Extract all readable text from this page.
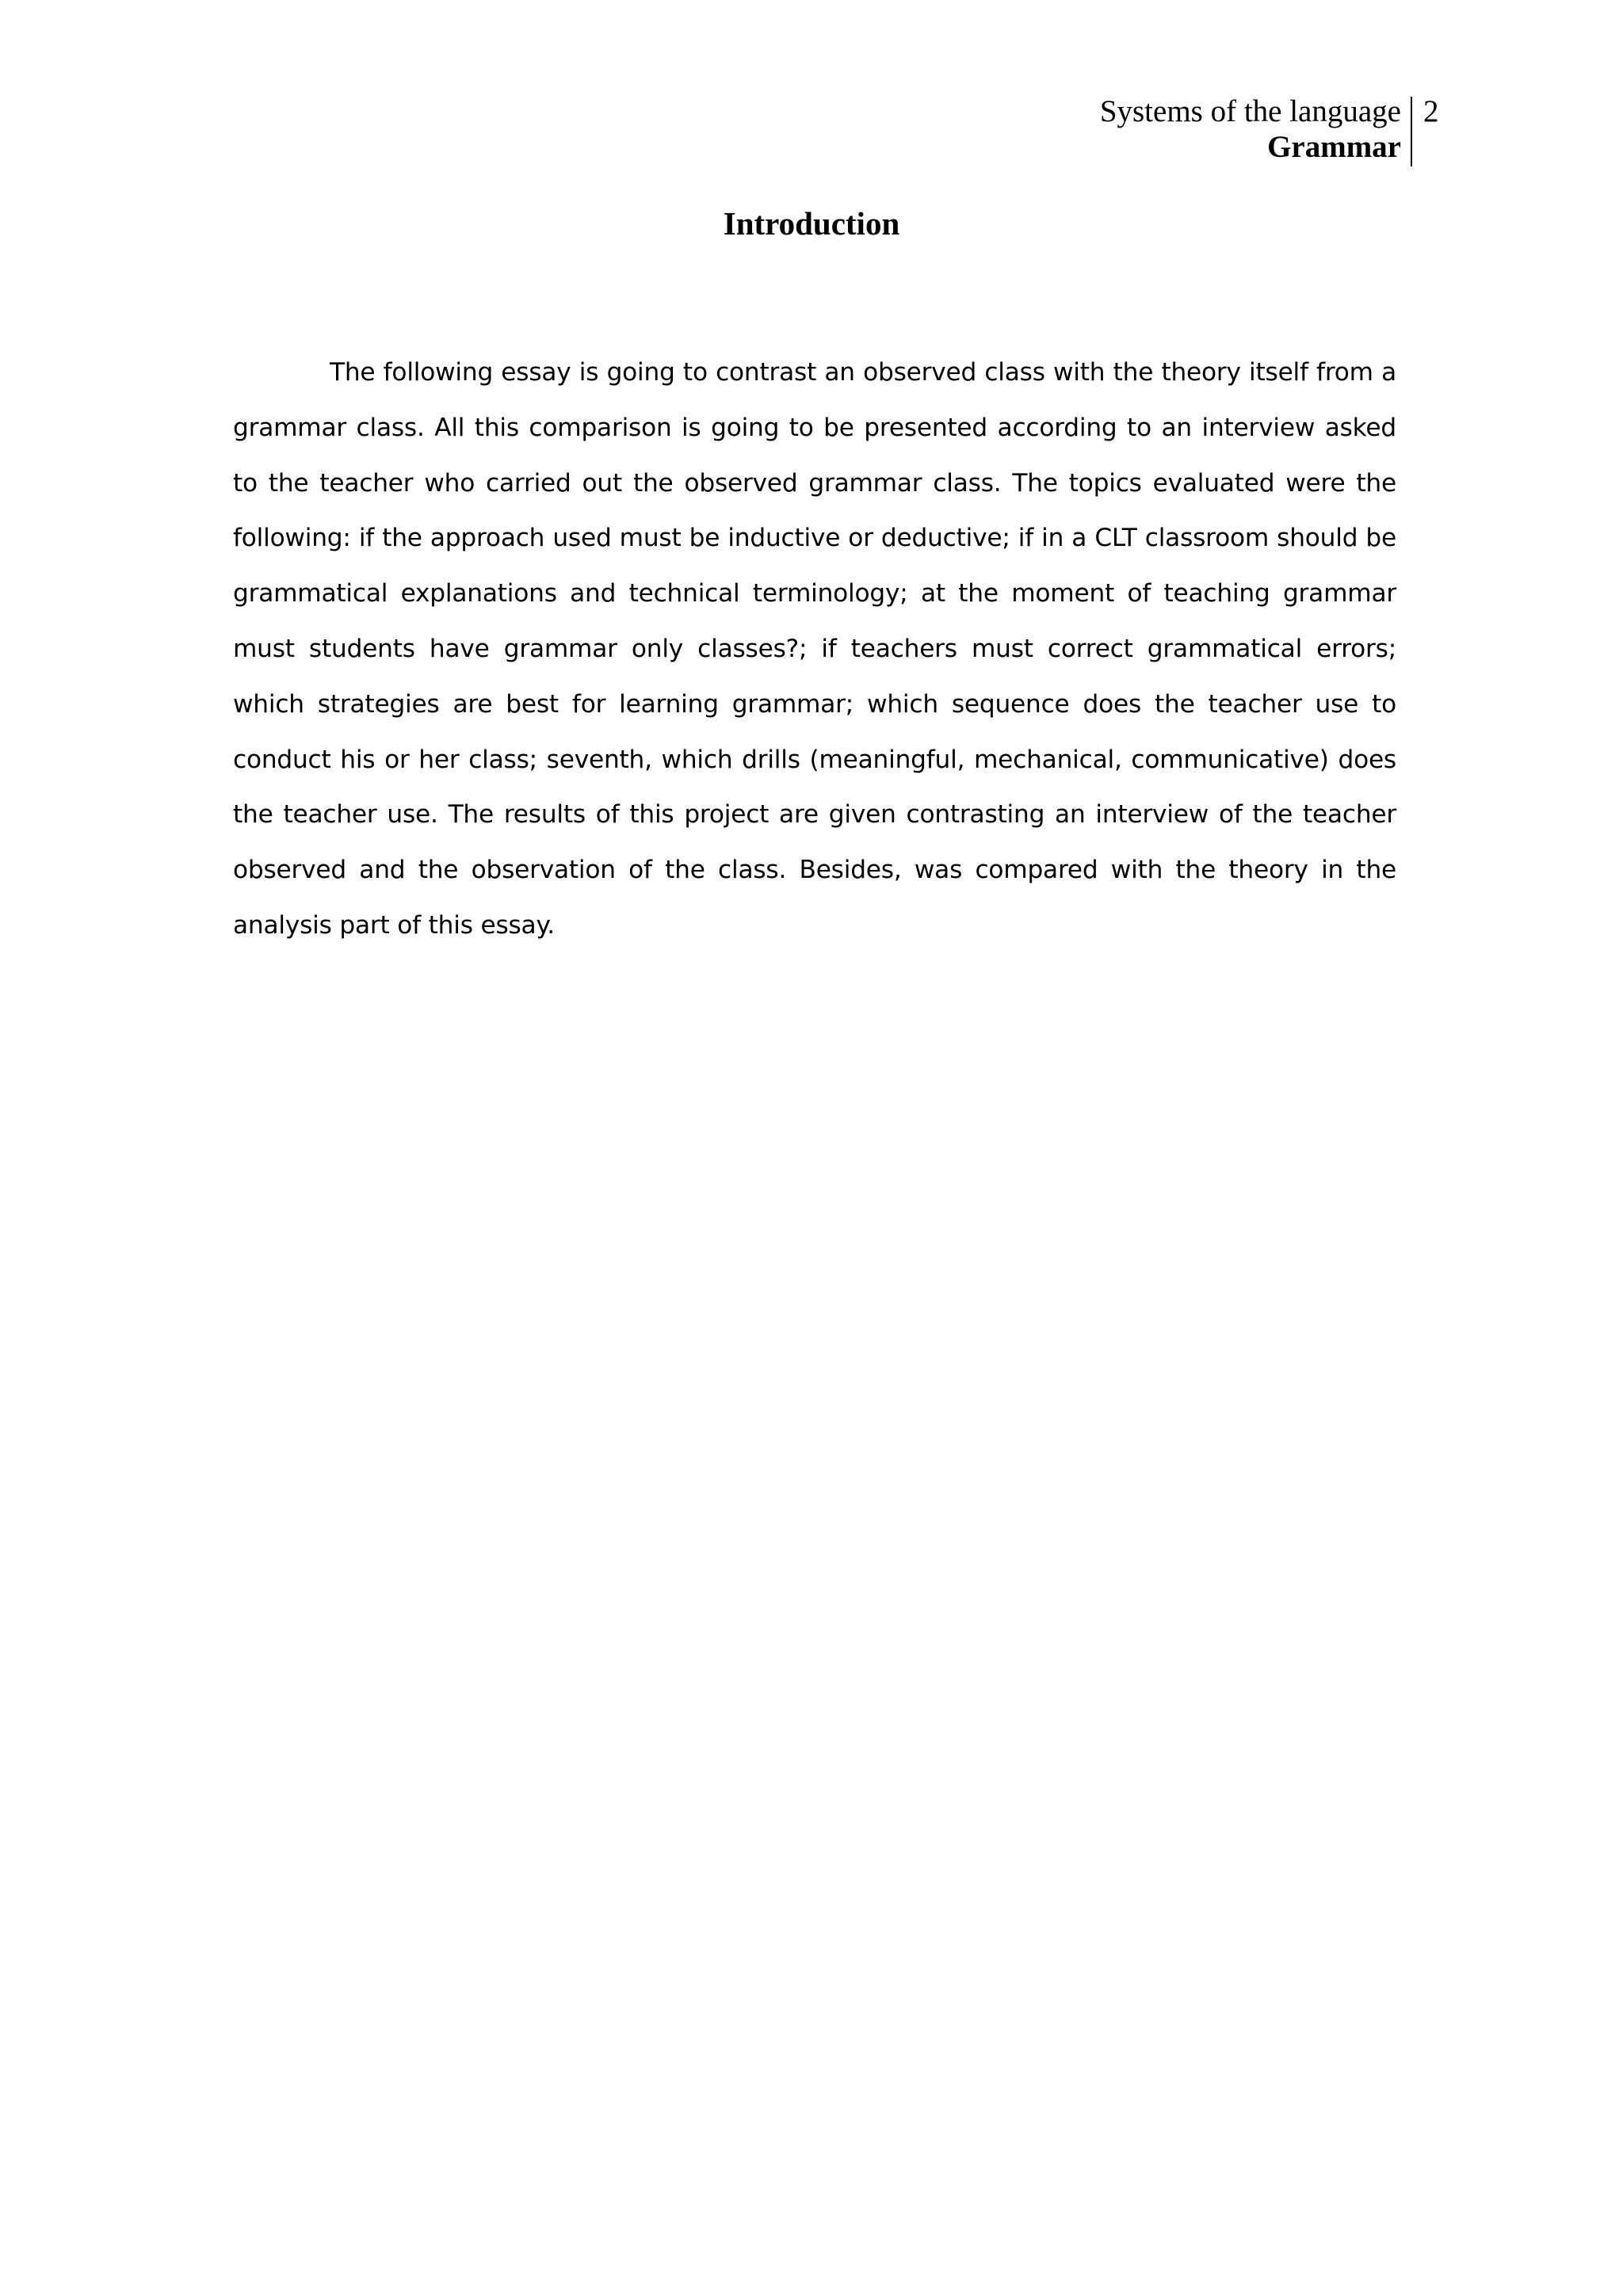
Systems of the language
Grammar
2
Introduction

The following essay is going to contrast an observed class with the theory itself from a grammar class. All this comparison is going to be presented according to an interview asked to the teacher who carried out the observed grammar class. The topics evaluated were the following: if the approach used must be inductive or deductive; if in a CLT classroom should be grammatical explanations and technical terminology; at the moment of teaching grammar must students have grammar only classes?; if teachers must correct grammatical errors; which strategies are best for learning grammar; which sequence does the teacher use to conduct his or her class; seventh, which drills (meaningful, mechanical, communicative) does the teacher use. The results of this project are given contrasting an interview of the teacher observed and the observation of the class. Besides, was compared with the theory in the analysis part of this essay.
